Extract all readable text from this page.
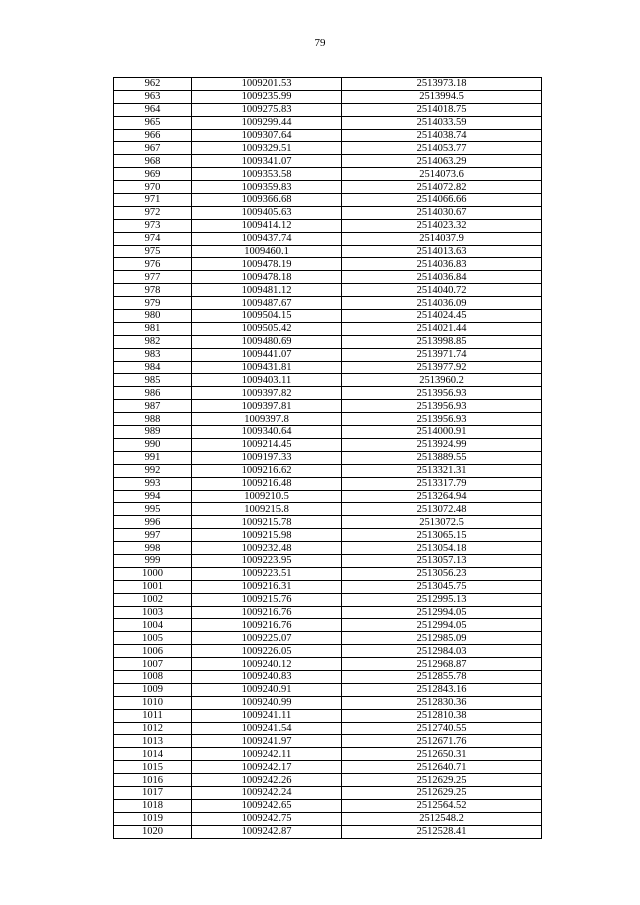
79
962	1009201.53	2513973.18
963	1009235.99	2513994.5
964	1009275.83	2514018.75
965	1009299.44	2514033.59
966	1009307.64	2514038.74
967	1009329.51	2514053.77
968	1009341.07	2514063.29
969	1009353.58	2514073.6
970	1009359.83	2514072.82
971	1009366.68	2514066.66
972	1009405.63	2514030.67
973	1009414.12	2514023.32
974	1009437.74	2514037.9
975	1009460.1	2514013.63
976	1009478.19	2514036.83
977	1009478.18	2514036.84
978	1009481.12	2514040.72
979	1009487.67	2514036.09
980	1009504.15	2514024.45
981	1009505.42	2514021.44
982	1009480.69	2513998.85
983	1009441.07	2513971.74
984	1009431.81	2513977.92
985	1009403.11	2513960.2
986	1009397.82	2513956.93
987	1009397.81	2513956.93
988	1009397.8	2513956.93
989	1009340.64	2514000.91
990	1009214.45	2513924.99
991	1009197.33	2513889.55
992	1009216.62	2513321.31
993	1009216.48	2513317.79
994	1009210.5	2513264.94
995	1009215.8	2513072.48
996	1009215.78	2513072.5
997	1009215.98	2513065.15
998	1009232.48	2513054.18
999	1009223.95	2513057.13
1000	1009223.51	2513056.23
1001	1009216.31	2513045.75
1002	1009215.76	2512995.13
1003	1009216.76	2512994.05
1004	1009216.76	2512994.05
1005	1009225.07	2512985.09
1006	1009226.05	2512984.03
1007	1009240.12	2512968.87
1008	1009240.83	2512855.78
1009	1009240.91	2512843.16
1010	1009240.99	2512830.36
1011	1009241.11	2512810.38
1012	1009241.54	2512740.55
1013	1009241.97	2512671.76
1014	1009242.11	2512650.31
1015	1009242.17	2512640.71
1016	1009242.26	2512629.25
1017	1009242.24	2512629.25
1018	1009242.65	2512564.52
1019	1009242.75	2512548.2
1020	1009242.87	2512528.41
